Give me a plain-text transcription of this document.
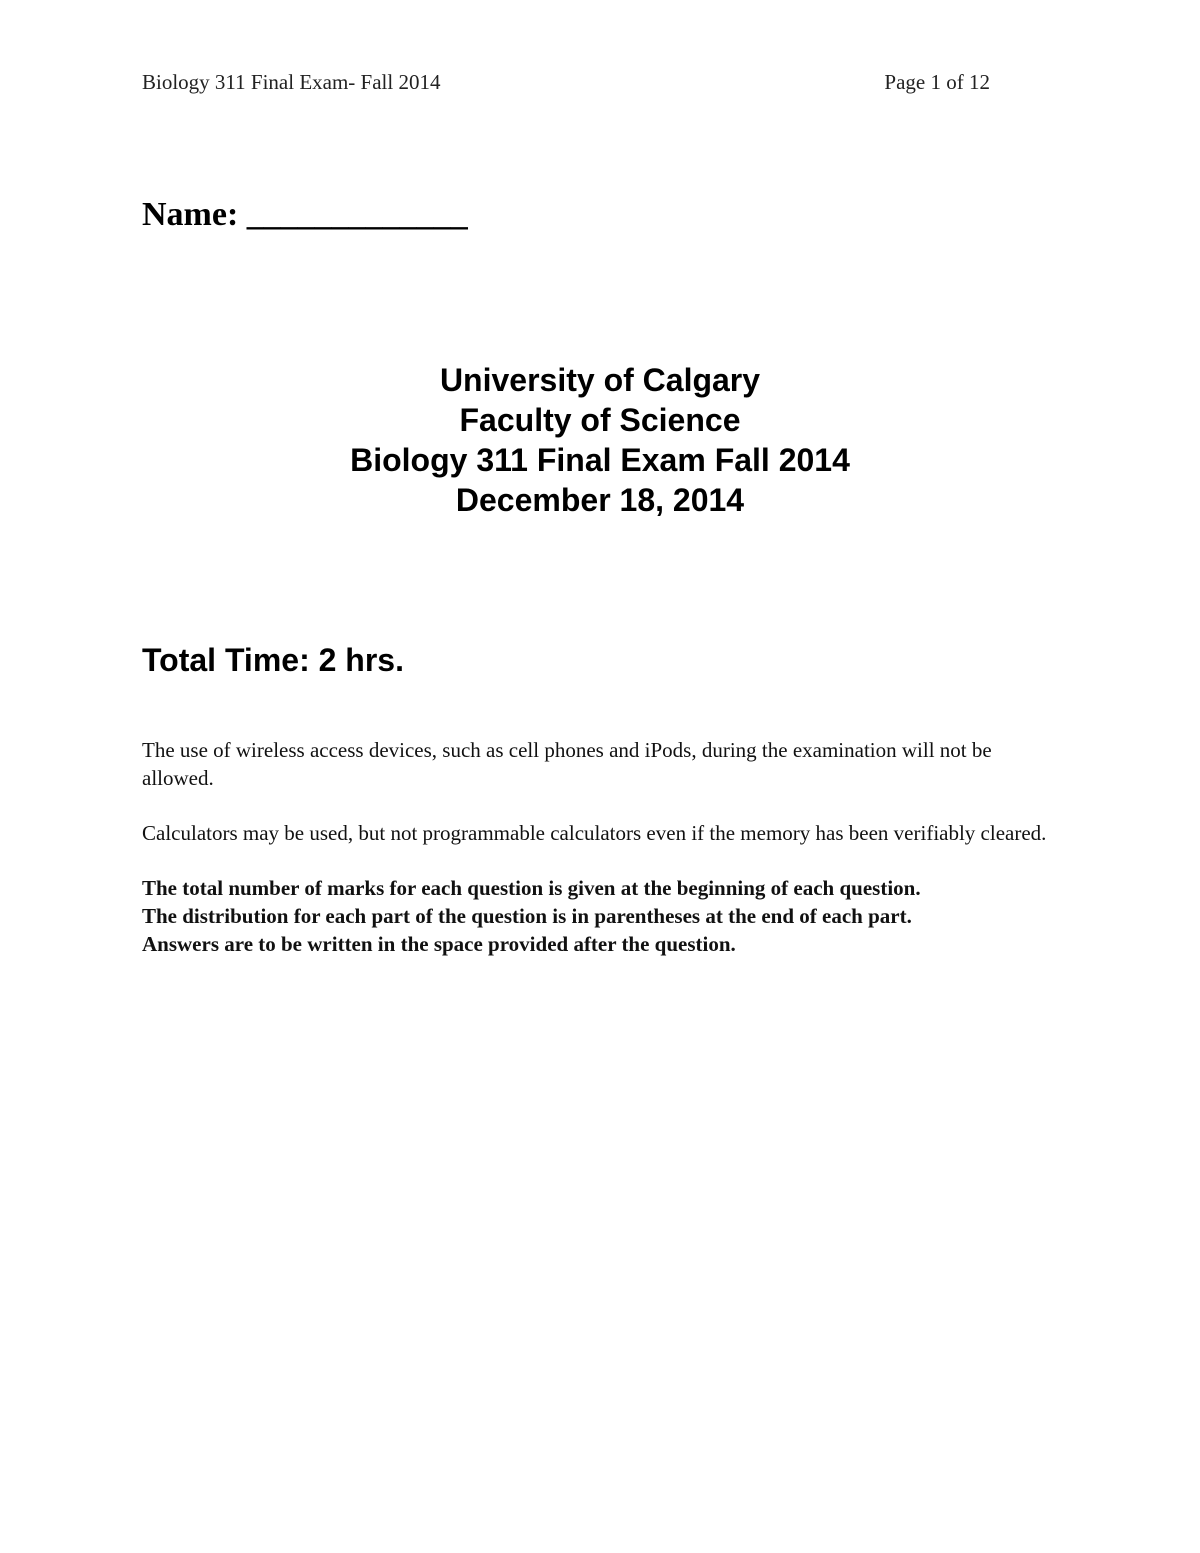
Biology 311 Final Exam- Fall 2014	Page 1 of 12
Name: _____________
University of Calgary
Faculty of Science
Biology 311 Final Exam Fall 2014
December 18, 2014
Total Time: 2 hrs.

The use of wireless access devices, such as cell phones and iPods, during the examination will not be allowed.

Calculators may be used, but not programmable calculators even if the memory has been verifiably cleared.

The total number of marks for each question is given at the beginning of each question.
The distribution for each part of the question is in parentheses at the end of each part.
Answers are to be written in the space provided after the question.
